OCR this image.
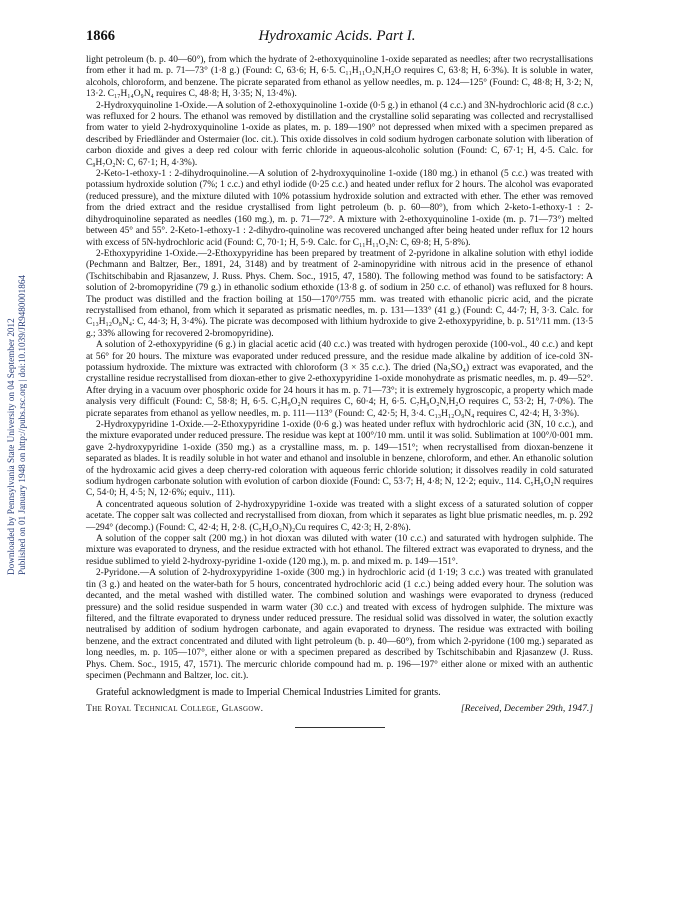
Downloaded by Pennsylvania State University on 04 September 2012 Published on 01 January 1948 on http://pubs.rsc.org | doi:10.1039/JR9480001864
1866	Hydroxamic Acids. Part I.

light petroleum (b. p. 40—60°), from which the hydrate of 2-ethoxyquinoline 1-oxide separated as needles; after two recrystallisations from ether it had m. p. 71—73° (1·8 g.) (Found: C, 63·6; H, 6·5. C₁₁H₁₁O₂N,H₂O requires C, 63·8; H, 6·3%). It is soluble in water, alcohols, chloroform, and benzene. The picrate separated from ethanol as yellow needles, m. p. 124—125° (Found: C, 48·8; H, 3·2; N, 13·2. C₁₇H₁₄O₉N₄ requires C, 48·8; H, 3·35; N, 13·4%).

2-Hydroxyquinoline 1-Oxide.—A solution of 2-ethoxyquinoline 1-oxide (0·5 g.) in ethanol (4 c.c.) and 3N-hydrochloric acid (8 c.c.) was refluxed for 2 hours. The ethanol was removed by distillation and the crystalline solid separating was collected and recrystallised from water to yield 2-hydroxyquinoline 1-oxide as plates, m. p. 189—190° not depressed when mixed with a specimen prepared as described by Friedländer and Ostermaier (loc. cit.). This oxide dissolves in cold sodium hydrogen carbonate solution with liberation of carbon dioxide and gives a deep red colour with ferric chloride in aqueous-alcoholic solution (Found: C, 67·1; H, 4·5. Calc. for C₉H₇O₂N: C, 67·1; H, 4·3%).

2-Keto-1-ethoxy-1 : 2-dihydroquinoline.—A solution of 2-hydroxyquinoline 1-oxide (180 mg.) in ethanol (5 c.c.) was treated with potassium hydroxide solution (7%; 1 c.c.) and ethyl iodide (0·25 c.c.) and heated under reflux for 2 hours. The alcohol was evaporated (reduced pressure), and the mixture diluted with 10% potassium hydroxide solution and extracted with ether. The ether was removed from the dried extract and the residue crystallised from light petroleum (b. p. 60—80°), from which 2-keto-1-ethoxy-1 : 2-dihydroquinoline separated as needles (160 mg.), m. p. 71—72°. A mixture with 2-ethoxyquinoline 1-oxide (m. p. 71—73°) melted between 45° and 55°. 2-Keto-1-ethoxy-1 : 2-dihydro-quinoline was recovered unchanged after being heated under reflux for 12 hours with excess of 5N-hydrochloric acid (Found: C, 70·1; H, 5·9. Calc. for C₁₁H₁₁O₂N: C, 69·8; H, 5·8%).

2-Ethoxypyridine 1-Oxide.—2-Ethoxypyridine has been prepared by treatment of 2-pyridone in alkaline solution with ethyl iodide (Pechmann and Baltzer, Ber., 1891, 24, 3148) and by treatment of 2-aminopyridine with nitrous acid in the presence of ethanol (Tschitschibabin and Rjasanzew, J. Russ. Phys. Chem. Soc., 1915, 47, 1580). The following method was found to be satisfactory: A solution of 2-bromopyridine (79 g.) in ethanolic sodium ethoxide (13·8 g. of sodium in 250 c.c. of ethanol) was refluxed for 8 hours. The product was distilled and the fraction boiling at 150—170°/755 mm. was treated with ethanolic picric acid, and the picrate recrystallised from ethanol, from which it separated as prismatic needles, m. p. 131—133° (41 g.) (Found: C, 44·7; H, 3·3. Calc. for C₁₃H₁₂O₈N₄: C, 44·3; H, 3·4%). The picrate was decomposed with lithium hydroxide to give 2-ethoxypyridine, b. p. 51°/11 mm. (13·5 g.; 33% allowing for recovered 2-bromopyridine).

A solution of 2-ethoxypyridine (6 g.) in glacial acetic acid (40 c.c.) was treated with hydrogen peroxide (100-vol., 40 c.c.) and kept at 56° for 20 hours. The mixture was evaporated under reduced pressure, and the residue made alkaline by addition of ice-cold 3N-potassium hydroxide. The mixture was extracted with chloroform (3 × 35 c.c.). The dried (Na₂SO₄) extract was evaporated, and the crystalline residue recrystallised from dioxan-ether to give 2-ethoxypyridine 1-oxide monohydrate as prismatic needles, m. p. 49—52°. After drying in a vacuum over phosphoric oxide for 24 hours it has m. p. 71—73°; it is extremely hygroscopic, a property which made analysis very difficult (Found: C, 58·8; H, 6·5. C₇H₉O₂N requires C, 60·4; H, 6·5. C₇H₉O₂N,H₂O requires C, 53·2; H, 7·0%). The picrate separates from ethanol as yellow needles, m. p. 111—113° (Found: C, 42·5; H, 3·4. C₁₃H₁₂O₉N₄ requires C, 42·4; H, 3·3%).

2-Hydroxypyridine 1-Oxide.—2-Ethoxypyridine 1-oxide (0·6 g.) was heated under reflux with hydrochloric acid (3N, 10 c.c.), and the mixture evaporated under reduced pressure. The residue was kept at 100°/10 mm. until it was solid. Sublimation at 100°/0·001 mm. gave 2-hydroxypyridine 1-oxide (350 mg.) as a crystalline mass, m. p. 149—151°; when recrystallised from dioxan-benzene it separated as blades. It is readily soluble in hot water and ethanol and insoluble in benzene, chloroform, and ether. An ethanolic solution of the hydroxamic acid gives a deep cherry-red coloration with aqueous ferric chloride solution; it dissolves readily in cold saturated sodium hydrogen carbonate solution with evolution of carbon dioxide (Found: C, 53·7; H, 4·8; N, 12·2; equiv., 114. C₅H₅O₂N requires C, 54·0; H, 4·5; N, 12·6%; equiv., 111).

A concentrated aqueous solution of 2-hydroxypyridine 1-oxide was treated with a slight excess of a saturated solution of copper acetate. The copper salt was collected and recrystallised from dioxan, from which it separates as light blue prismatic needles, m. p. 292—294° (decomp.) (Found: C, 42·4; H, 2·8. (C₅H₄O₂N)₂Cu requires C, 42·3; H, 2·8%).

A solution of the copper salt (200 mg.) in hot dioxan was diluted with water (10 c.c.) and saturated with hydrogen sulphide. The mixture was evaporated to dryness, and the residue extracted with hot ethanol. The filtered extract was evaporated to dryness, and the residue sublimed to yield 2-hydroxy-pyridine 1-oxide (120 mg.), m. p. and mixed m. p. 149—151°.

2-Pyridone.—A solution of 2-hydroxypyridine 1-oxide (300 mg.) in hydrochloric acid (d 1·19; 3 c.c.) was treated with granulated tin (3 g.) and heated on the water-bath for 5 hours, concentrated hydrochloric acid (1 c.c.) being added every hour. The solution was decanted, and the metal washed with distilled water. The combined solution and washings were evaporated to dryness (reduced pressure) and the solid residue suspended in warm water (30 c.c.) and treated with excess of hydrogen sulphide. The mixture was filtered, and the filtrate evaporated to dryness under reduced pressure. The residual solid was dissolved in water, the solution exactly neutralised by addition of sodium hydrogen carbonate, and again evaporated to dryness. The residue was extracted with boiling benzene, and the extract concentrated and diluted with light petroleum (b. p. 40—60°), from which 2-pyridone (100 mg.) separated as long needles, m. p. 105—107°, either alone or with a specimen prepared as described by Tschitschibabin and Rjasanzew (J. Russ. Phys. Chem. Soc., 1915, 47, 1571). The mercuric chloride compound had m. p. 196—197° either alone or mixed with an authentic specimen (Pechmann and Baltzer, loc. cit.).

Grateful acknowledgment is made to Imperial Chemical Industries Limited for grants.

The Royal Technical College, Glasgow.	[Received, December 29th, 1947.]
